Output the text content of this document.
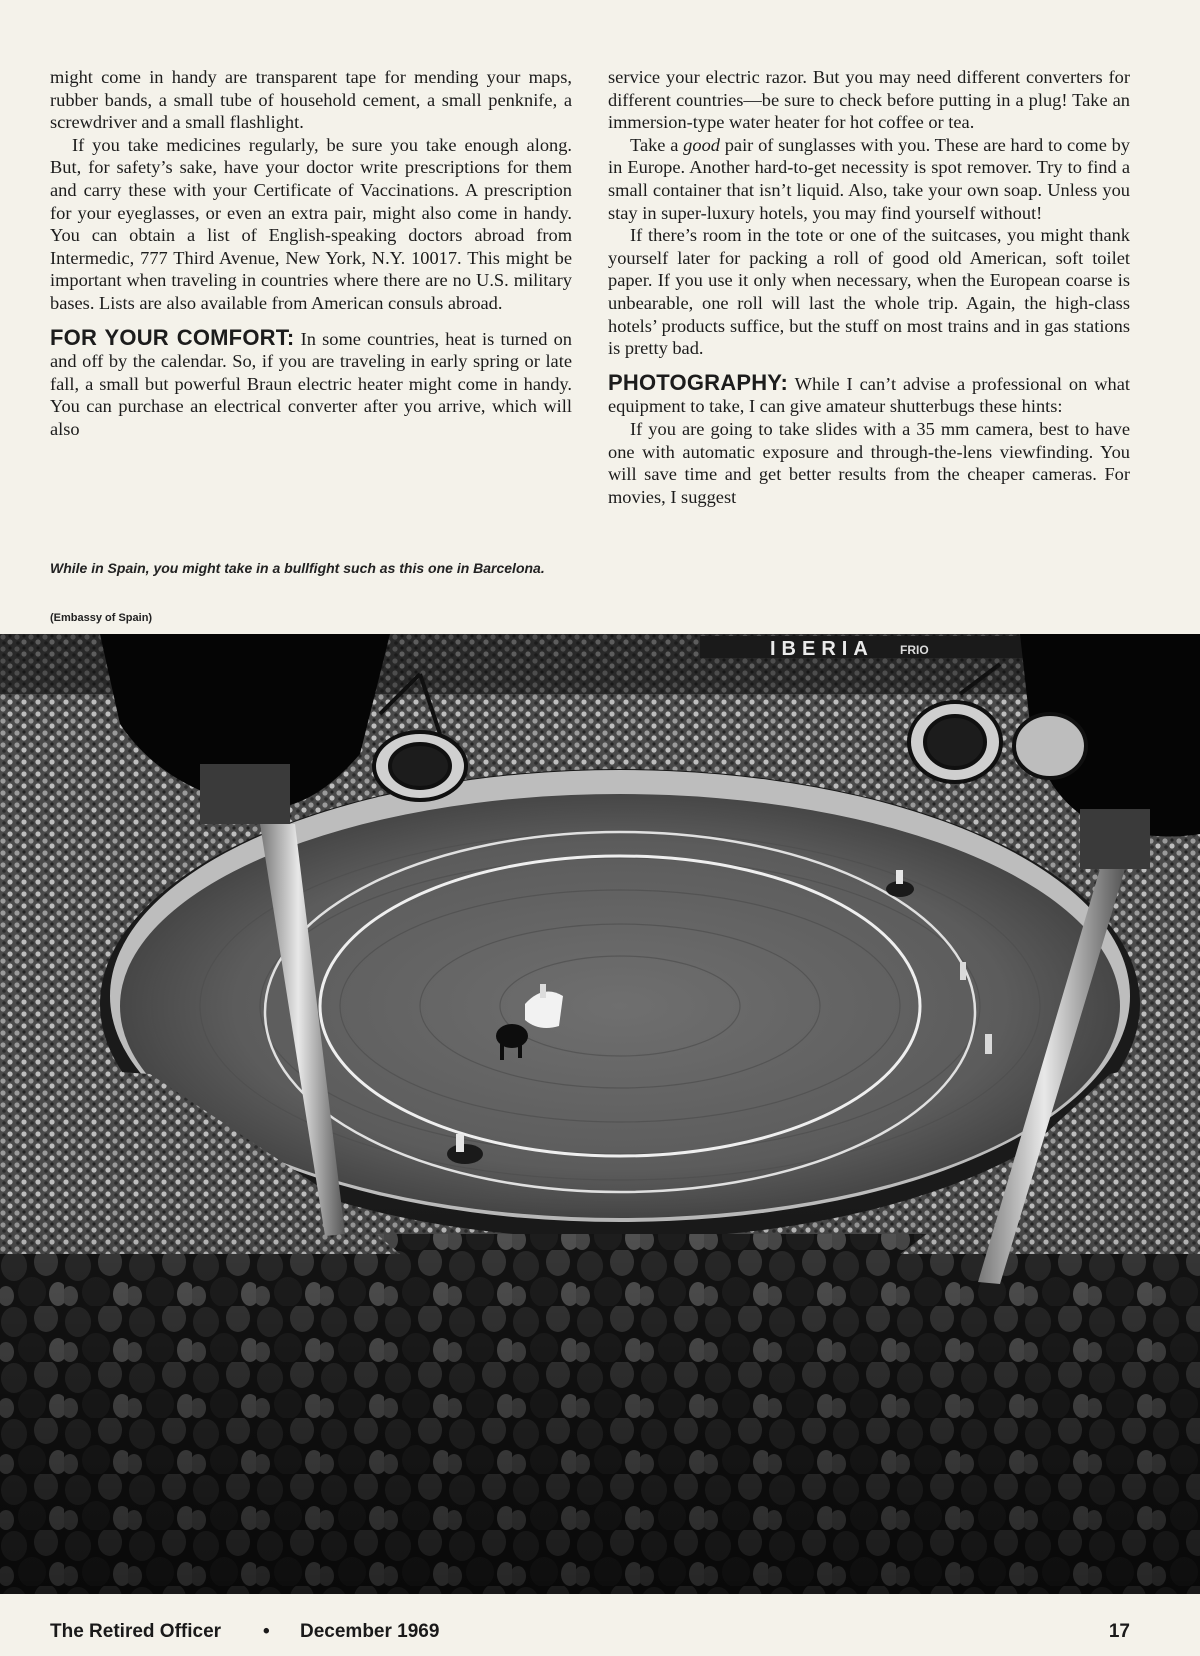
might come in handy are transparent tape for mending your maps, rubber bands, a small tube of household cement, a small penknife, a screwdriver and a small flashlight.

If you take medicines regularly, be sure you take enough along. But, for safety’s sake, have your doctor write prescriptions for them and carry these with your Certificate of Vaccinations. A prescription for your eyeglasses, or even an extra pair, might also come in handy. You can obtain a list of English-speaking doctors abroad from Intermedic, 777 Third Avenue, New York, N.Y. 10017. This might be important when traveling in countries where there are no U.S. military bases. Lists are also available from American consuls abroad.

FOR YOUR COMFORT: In some countries, heat is turned on and off by the calendar. So, if you are traveling in early spring or late fall, a small but powerful Braun electric heater might come in handy. You can purchase an electrical converter after you arrive, which will also

service your electric razor. But you may need different converters for different countries—be sure to check before putting in a plug! Take an immersion-type water heater for hot coffee or tea.

Take a good pair of sunglasses with you. These are hard to come by in Europe. Another hard-to-get necessity is spot remover. Try to find a small container that isn’t liquid. Also, take your own soap. Unless you stay in super-luxury hotels, you may find yourself without!

If there’s room in the tote or one of the suitcases, you might thank yourself later for packing a roll of good old American, soft toilet paper. If you use it only when necessary, when the European coarse is unbearable, one roll will last the whole trip. Again, the high-class hotels’ products suffice, but the stuff on most trains and in gas stations is pretty bad.

PHOTOGRAPHY: While I can’t advise a professional on what equipment to take, I can give amateur shutterbugs these hints:

If you are going to take slides with a 35 mm camera, best to have one with automatic exposure and through-the-lens viewfinding. You will save time and get better results from the cheaper cameras. For movies, I suggest

While in Spain, you might take in a bullfight such as this one in Barcelona.
(Embassy of Spain)
IBERIA FRIO
The Retired Officer • December 1969	17
